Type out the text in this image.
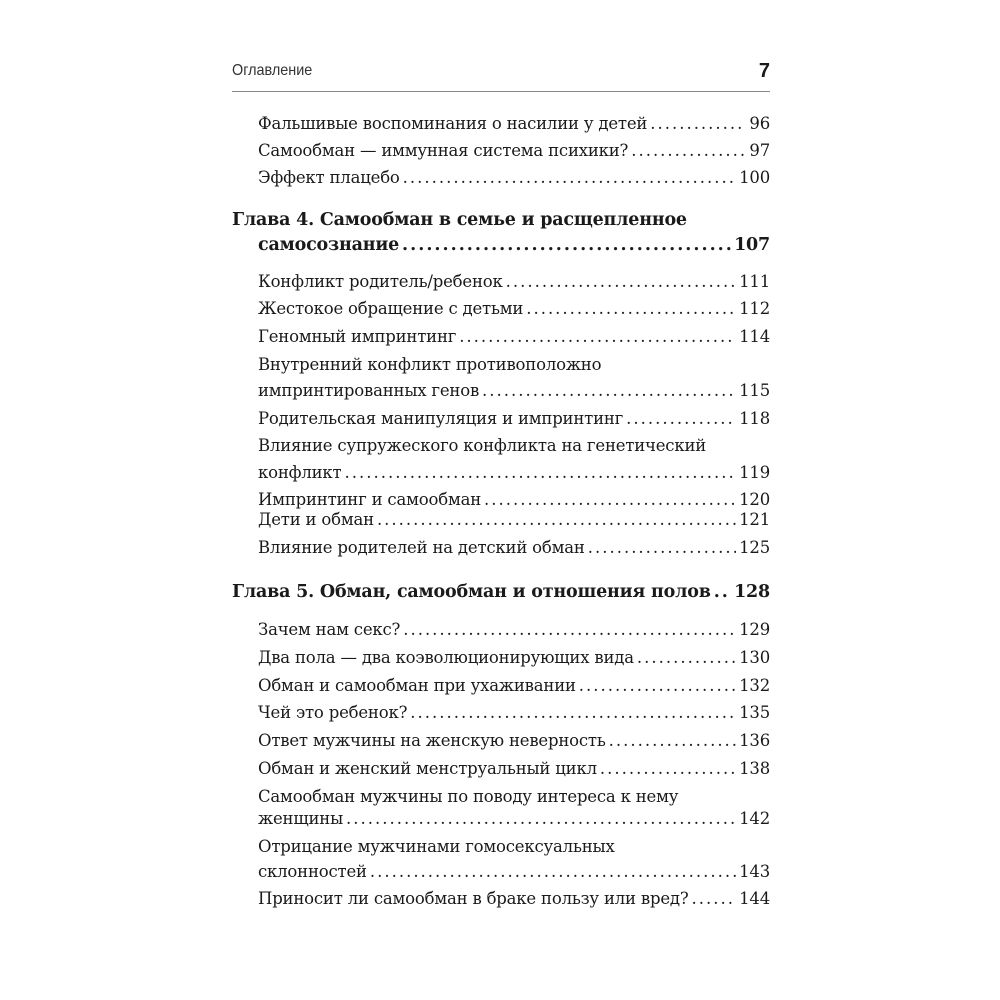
Оглавление	7
Фальшивые воспоминания о насилии у детей .....	96
Самообман — иммунная система психики? .....	97
Эффект плацебо .....	100
Глава 4. Самообман в семье и расщепленное
самосознание .....	107
Конфликт родитель/ребенок .....	111
Жестокое обращение с детьми .....	112
Геномный импринтинг .....	114
Внутренний конфликт противоположно
импринтированных генов .....	115
Родительская манипуляция и импринтинг .....	118
Влияние супружеского конфликта на генетический
конфликт .....	119
Импринтинг и самообман .....	120
Дети и обман .....	121
Влияние родителей на детский обман .....	125
Глава 5. Обман, самообман и отношения полов ..... 128
Зачем нам секс? .....	129
Два пола — два коэволюционирующих вида .....	130
Обман и самообман при ухаживании .....	132
Чей это ребенок? .....	135
Ответ мужчины на женскую неверность .....	136
Обман и женский менструальный цикл .....	138
Самообман мужчины по поводу интереса к нему
женщины .....	142
Отрицание мужчинами гомосексуальных
склонностей .....	143
Приносит ли самообман в браке пользу или вред? .....	144
